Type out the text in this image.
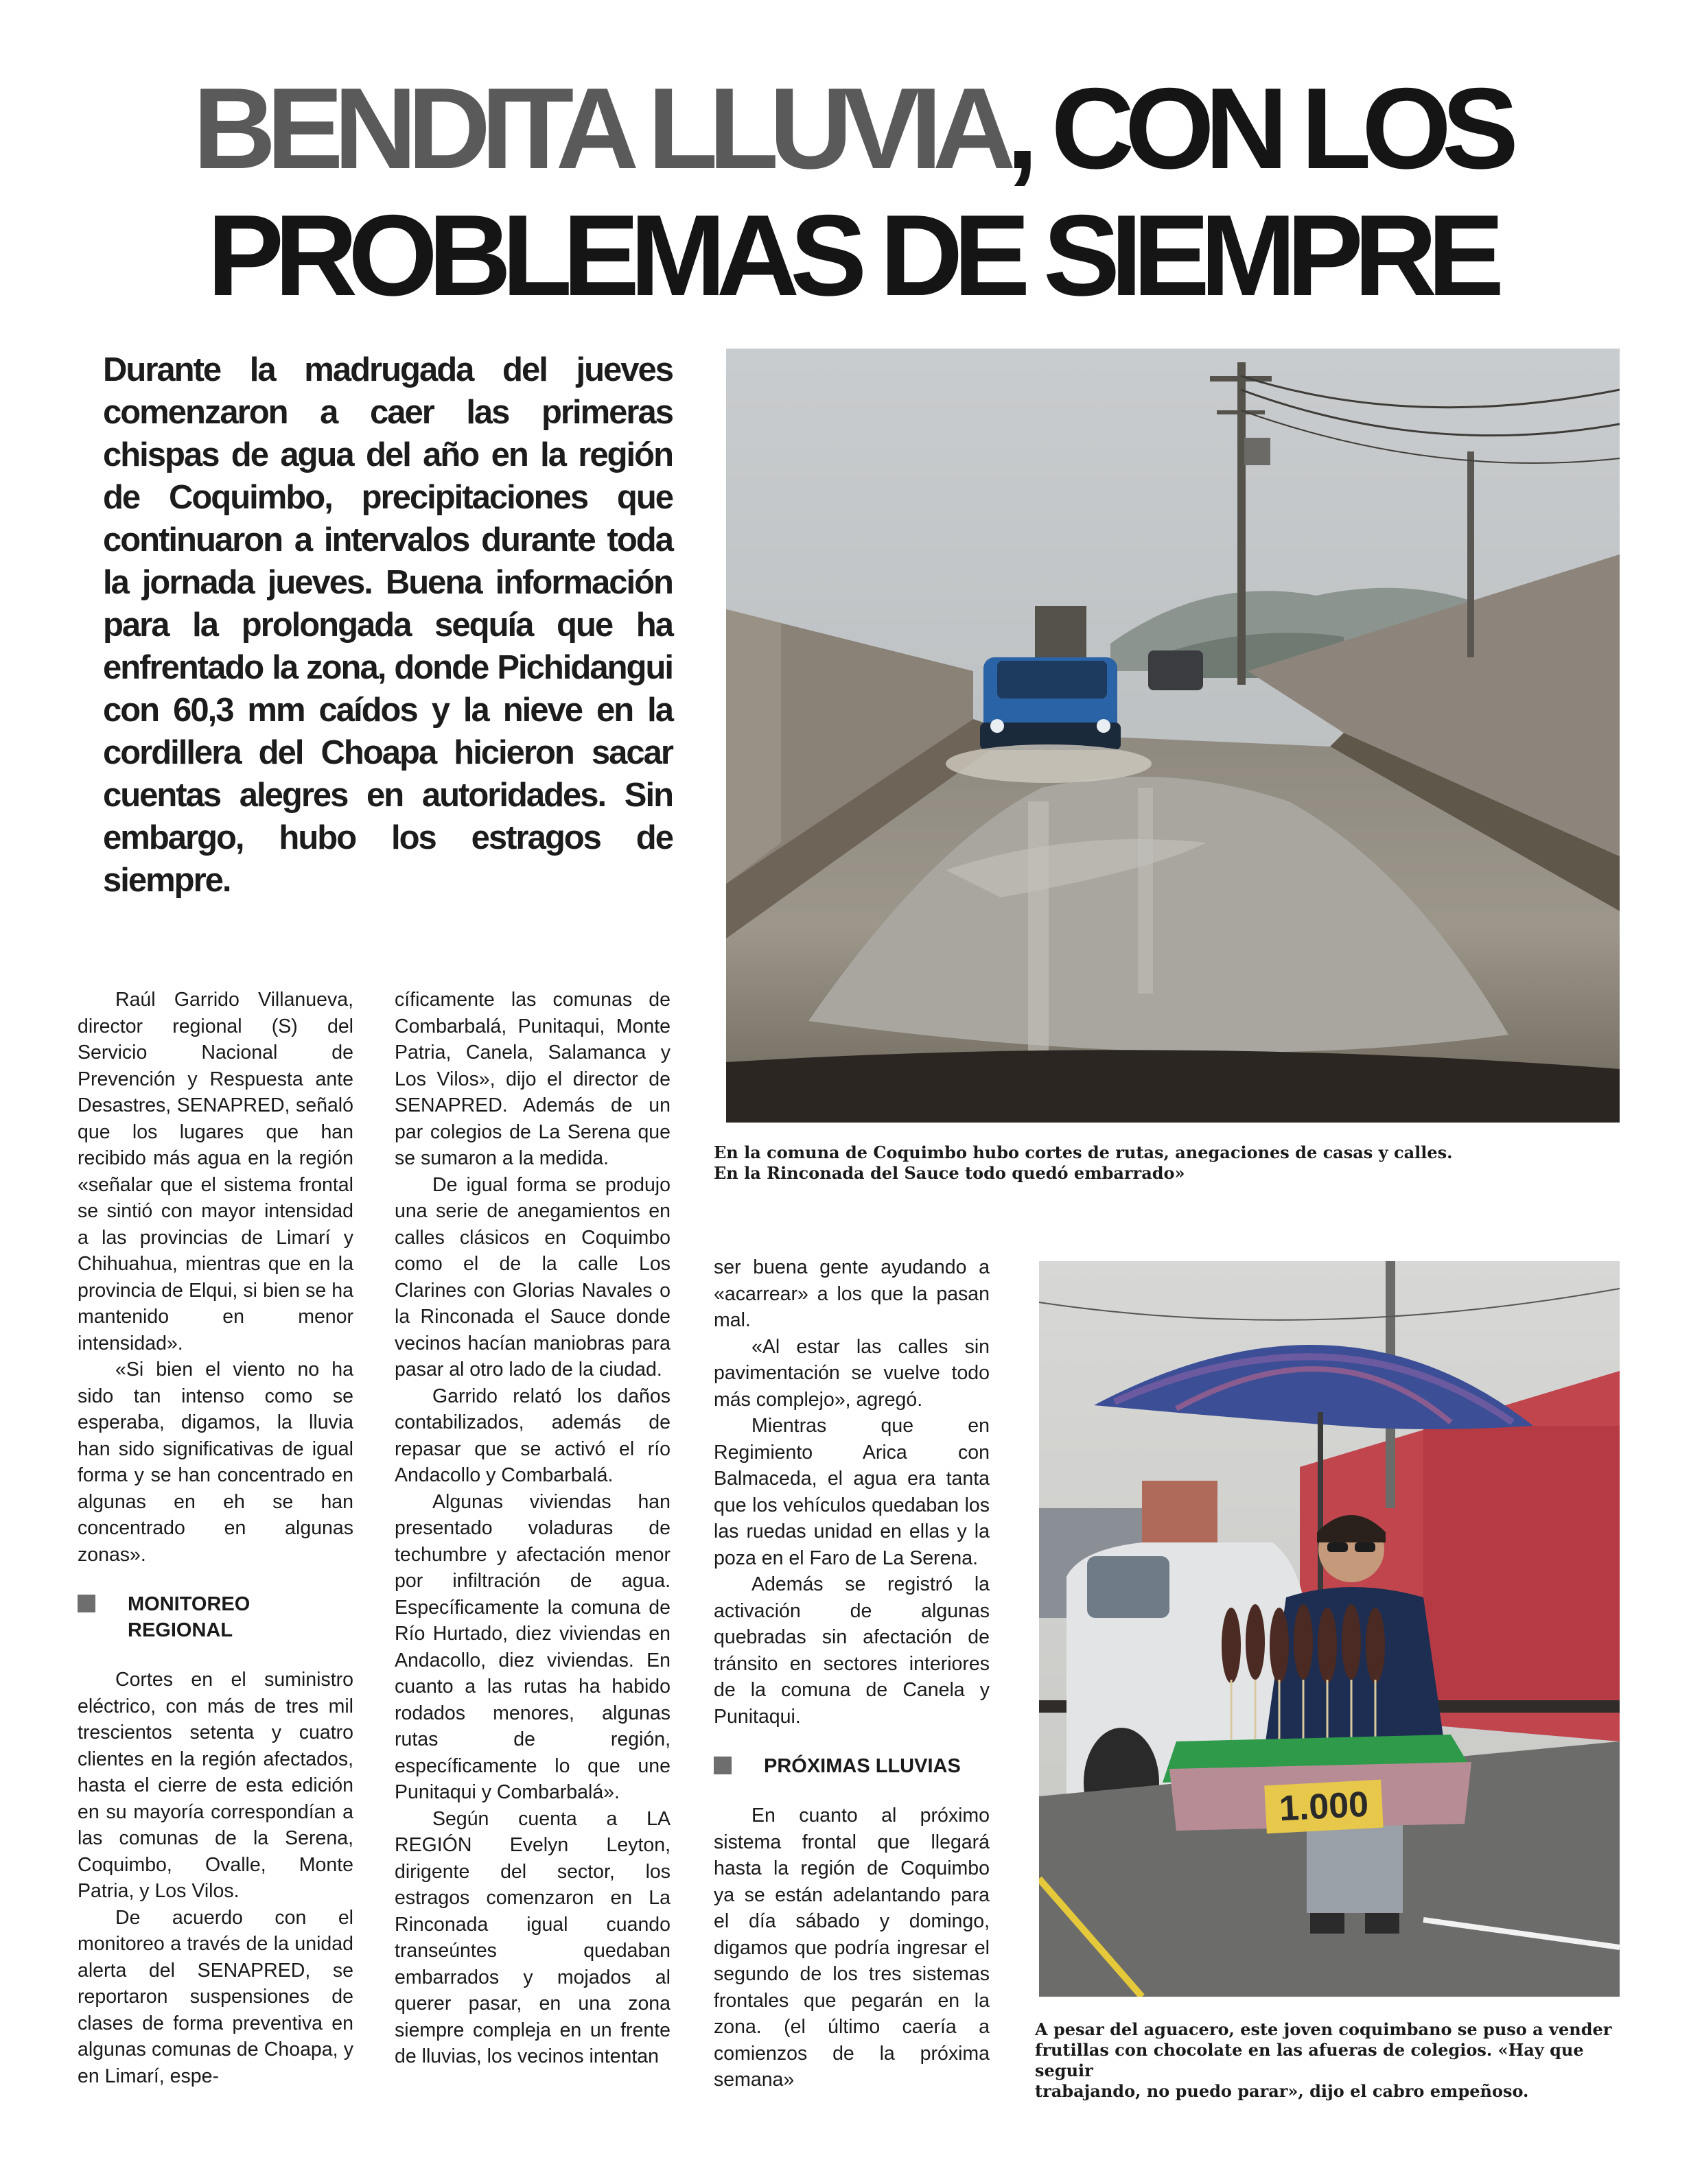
BENDITA LLUVIA, CON LOS
PROBLEMAS DE SIEMPRE

Durante la madrugada del jueves comenzaron a caer las primeras chispas de agua del año en la región de Coquimbo, precipitaciones que continuaron a intervalos durante toda la jornada jueves. Buena información para la prolongada sequía que ha enfrentado la zona, donde Pichidangui con 60,3 mm caídos y la nieve en la cordillera del Choapa hicieron sacar cuentas alegres en autoridades. Sin embargo, hubo los estragos de siempre.

En la comuna de Coquimbo hubo cortes de rutas, anegaciones de casas y calles.
En la Rinconada del Sauce todo quedó embarrado»

1.000

A pesar del aguacero, este joven coquimbano se puso a vender
frutillas con chocolate en las afueras de colegios. «Hay que seguir
trabajando, no puedo parar», dijo el cabro empeñoso.

Raúl Garrido Villanueva, director regional (S) del Servicio Nacional de Prevención y Respuesta ante Desastres, SENAPRED, señaló que los lugares que han recibido más agua en la región «señalar que el sistema frontal se sintió con mayor intensidad a las provincias de Limarí y Chihuahua, mientras que en la provincia de Elqui, si bien se ha mantenido en menor intensidad».

«Si bien el viento no ha sido tan intenso como se esperaba, digamos, la lluvia han sido significativas de igual forma y se han concentrado en algunas en eh se han concentrado en algunas zonas».

MONITOREO REGIONAL

Cortes en el suministro eléctrico, con más de tres mil trescientos setenta y cuatro clientes en la región afectados, hasta el cierre de esta edición en su mayoría correspondían a las comunas de la Serena, Coquimbo, Ovalle, Monte Patria, y Los Vilos.

De acuerdo con el monitoreo a través de la unidad alerta del SENAPRED, se reportaron suspensiones de clases de forma preventiva en algunas comunas de Choapa, y en Limarí, espe-

cíficamente las comunas de Combarbalá, Punitaqui, Monte Patria, Canela, Salamanca y Los Vilos», dijo el director de SENAPRED. Además de un par colegios de La Serena que se sumaron a la medida.

De igual forma se produjo una serie de anegamientos en calles clásicos en Coquimbo como el de la calle Los Clarines con Glorias Navales o la Rinconada el Sauce donde vecinos hacían maniobras para pasar al otro lado de la ciudad.

Garrido relató los daños contabilizados, además de repasar que se activó el río Andacollo y Combarbalá.

Algunas viviendas han presentado voladuras de techumbre y afectación menor por infiltración de agua. Específicamente la comuna de Río Hurtado, diez viviendas en Andacollo, diez viviendas. En cuanto a las rutas ha habido rodados menores, algunas rutas de región, específicamente lo que une Punitaqui y Combarbalá».

Según cuenta a LA REGIÓN Evelyn Leyton, dirigente del sector, los estragos comenzaron en La Rinconada igual cuando transeúntes quedaban embarrados y mojados al querer pasar, en una zona siempre compleja en un frente de lluvias, los vecinos intentan

ser buena gente ayudando a «acarrear» a los que la pasan mal.

«Al estar las calles sin pavimentación se vuelve todo más complejo», agregó.

Mientras que en Regimiento Arica con Balmaceda, el agua era tanta que los vehículos quedaban los las ruedas unidad en ellas y la poza en el Faro de La Serena.

Además se registró la activación de algunas quebradas sin afectación de tránsito en sectores interiores de la comuna de Canela y Punitaqui.

PRÓXIMAS LLUVIAS

En cuanto al próximo sistema frontal que llegará hasta la región de Coquimbo ya se están adelantando para el día sábado y domingo, digamos que podría ingresar el segundo de los tres sistemas frontales que pegarán en la zona. (el último caería a comienzos de la próxima semana»
